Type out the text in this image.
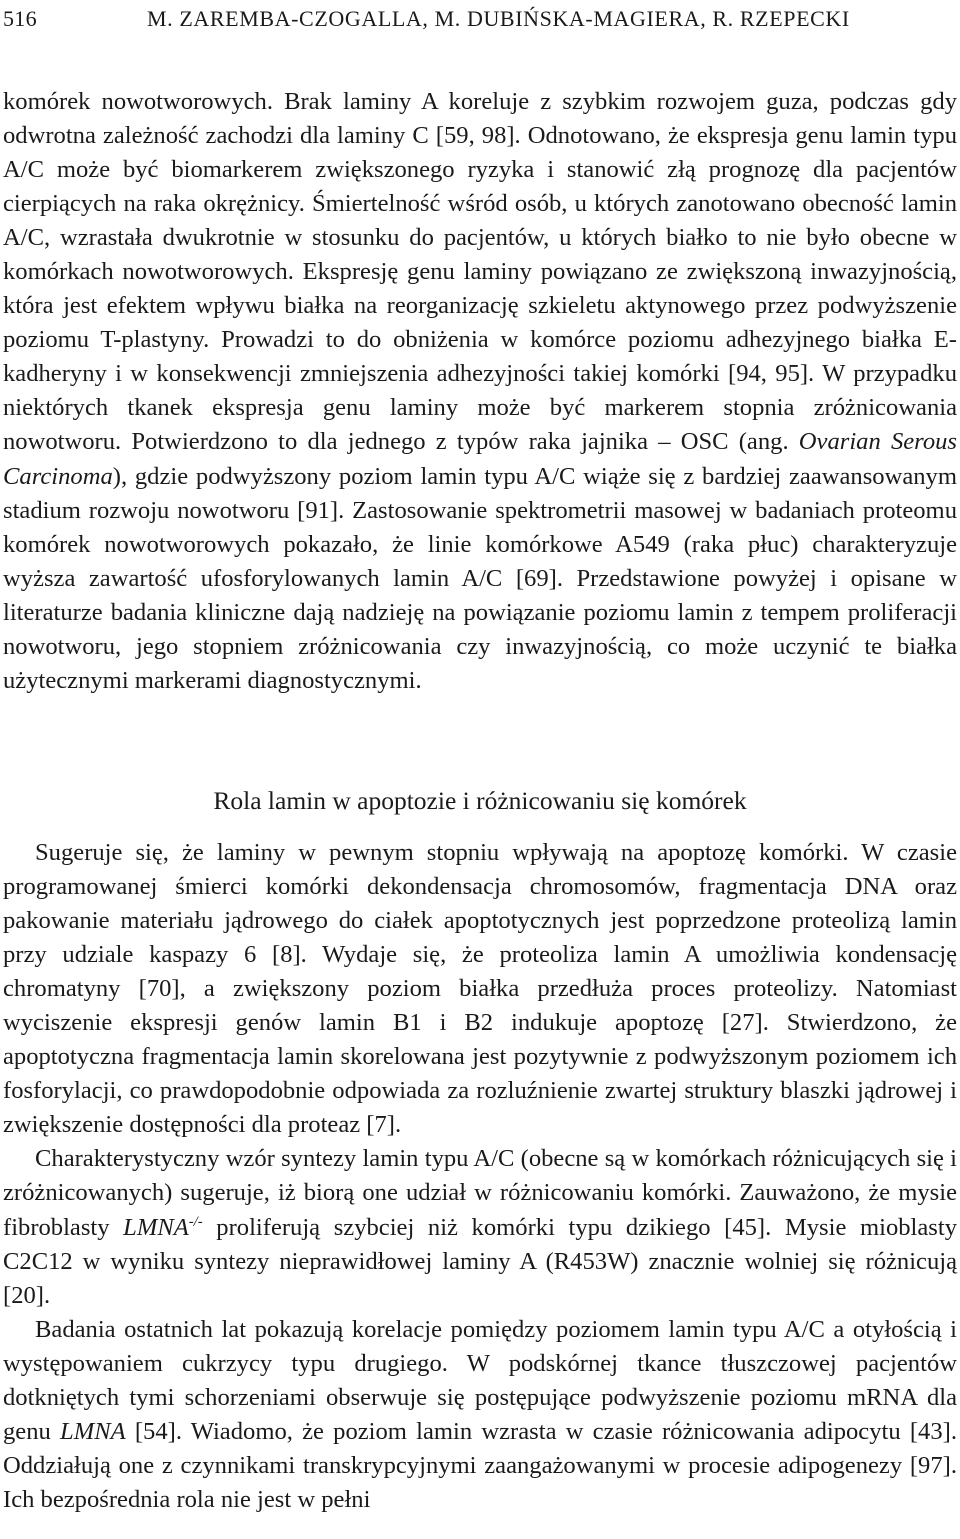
516	M. ZAREMBA-CZOGALLA, M. DUBIŃSKA-MAGIERA, R. RZEPECKI

komórek nowotworowych. Brak laminy A koreluje z szybkim rozwojem guza, podczas gdy odwrotna zależność zachodzi dla laminy C [59, 98]. Odnotowano, że ekspresja genu lamin typu A/C może być biomarkerem zwiększonego ryzyka i stanowić złą prognozę dla pacjentów cierpiących na raka okrężnicy. Śmiertelność wśród osób, u których zanotowano obecność lamin A/C, wzrastała dwukrotnie w stosunku do pacjentów, u których białko to nie było obecne w komórkach nowotworowych. Ekspresję genu laminy powiązano ze zwiększoną inwazyjnością, która jest efektem wpływu białka na reorganizację szkieletu aktynowego przez podwyższenie poziomu T-plastyny. Prowadzi to do obniżenia w komórce poziomu adhezyjnego białka E-kadheryny i w konsekwencji zmniejszenia adhezyjności takiej komórki [94, 95]. W przypadku niektórych tkanek ekspresja genu laminy może być markerem stopnia zróżnicowania nowotworu. Potwierdzono to dla jednego z typów raka jajnika – OSC (ang. Ovarian Serous Carcinoma), gdzie podwyższony poziom lamin typu A/C wiąże się z bardziej zaawansowanym stadium rozwoju nowotworu [91]. Zastosowanie spektrometrii masowej w badaniach proteomu komórek nowotworowych pokazało, że linie komórkowe A549 (raka płuc) charakteryzuje wyższa zawartość ufosforylowanych lamin A/C [69]. Przedstawione powyżej i opisane w literaturze badania kliniczne dają nadzieję na powiązanie poziomu lamin z tempem proliferacji nowotworu, jego stopniem zróżnicowania czy inwazyjnością, co może uczynić te białka użytecznymi markerami diagnostycznymi.

Rola lamin w apoptozie i różnicowaniu się komórek

Sugeruje się, że laminy w pewnym stopniu wpływają na apoptozę komórki. W czasie programowanej śmierci komórki dekondensacja chromosomów, fragmentacja DNA oraz pakowanie materiału jądrowego do ciałek apoptotycznych jest poprzedzone proteolizą lamin przy udziale kaspazy 6 [8]. Wydaje się, że proteoliza lamin A umożliwia kondensację chromatyny [70], a zwiększony poziom białka przedłuża proces proteolizy. Natomiast wyciszenie ekspresji genów lamin B1 i B2 indukuje apoptozę [27]. Stwierdzono, że apoptotyczna fragmentacja lamin skorelowana jest pozytywnie z podwyższonym poziomem ich fosforylacji, co prawdopodobnie odpowiada za rozluźnienie zwartej struktury blaszki jądrowej i zwiększenie dostępności dla proteaz [7].

Charakterystyczny wzór syntezy lamin typu A/C (obecne są w komórkach różnicujących się i zróżnicowanych) sugeruje, iż biorą one udział w różnicowaniu komórki. Zauważono, że mysie fibroblasty LMNA-/- proliferują szybciej niż komórki typu dzikiego [45]. Mysie mioblasty C2C12 w wyniku syntezy nieprawidłowej laminy A (R453W) znacznie wolniej się różnicują [20].

Badania ostatnich lat pokazują korelacje pomiędzy poziomem lamin typu A/C a otyłością i występowaniem cukrzycy typu drugiego. W podskórnej tkance tłuszczowej pacjentów dotkniętych tymi schorzeniami obserwuje się postępujące podwyższenie poziomu mRNA dla genu LMNA [54]. Wiadomo, że poziom lamin wzrasta w czasie różnicowania adipocytu [43]. Oddziałują one z czynnikami transkrypcyjnymi zaangażowanymi w procesie adipogenezy [97]. Ich bezpośrednia rola nie jest w pełni
